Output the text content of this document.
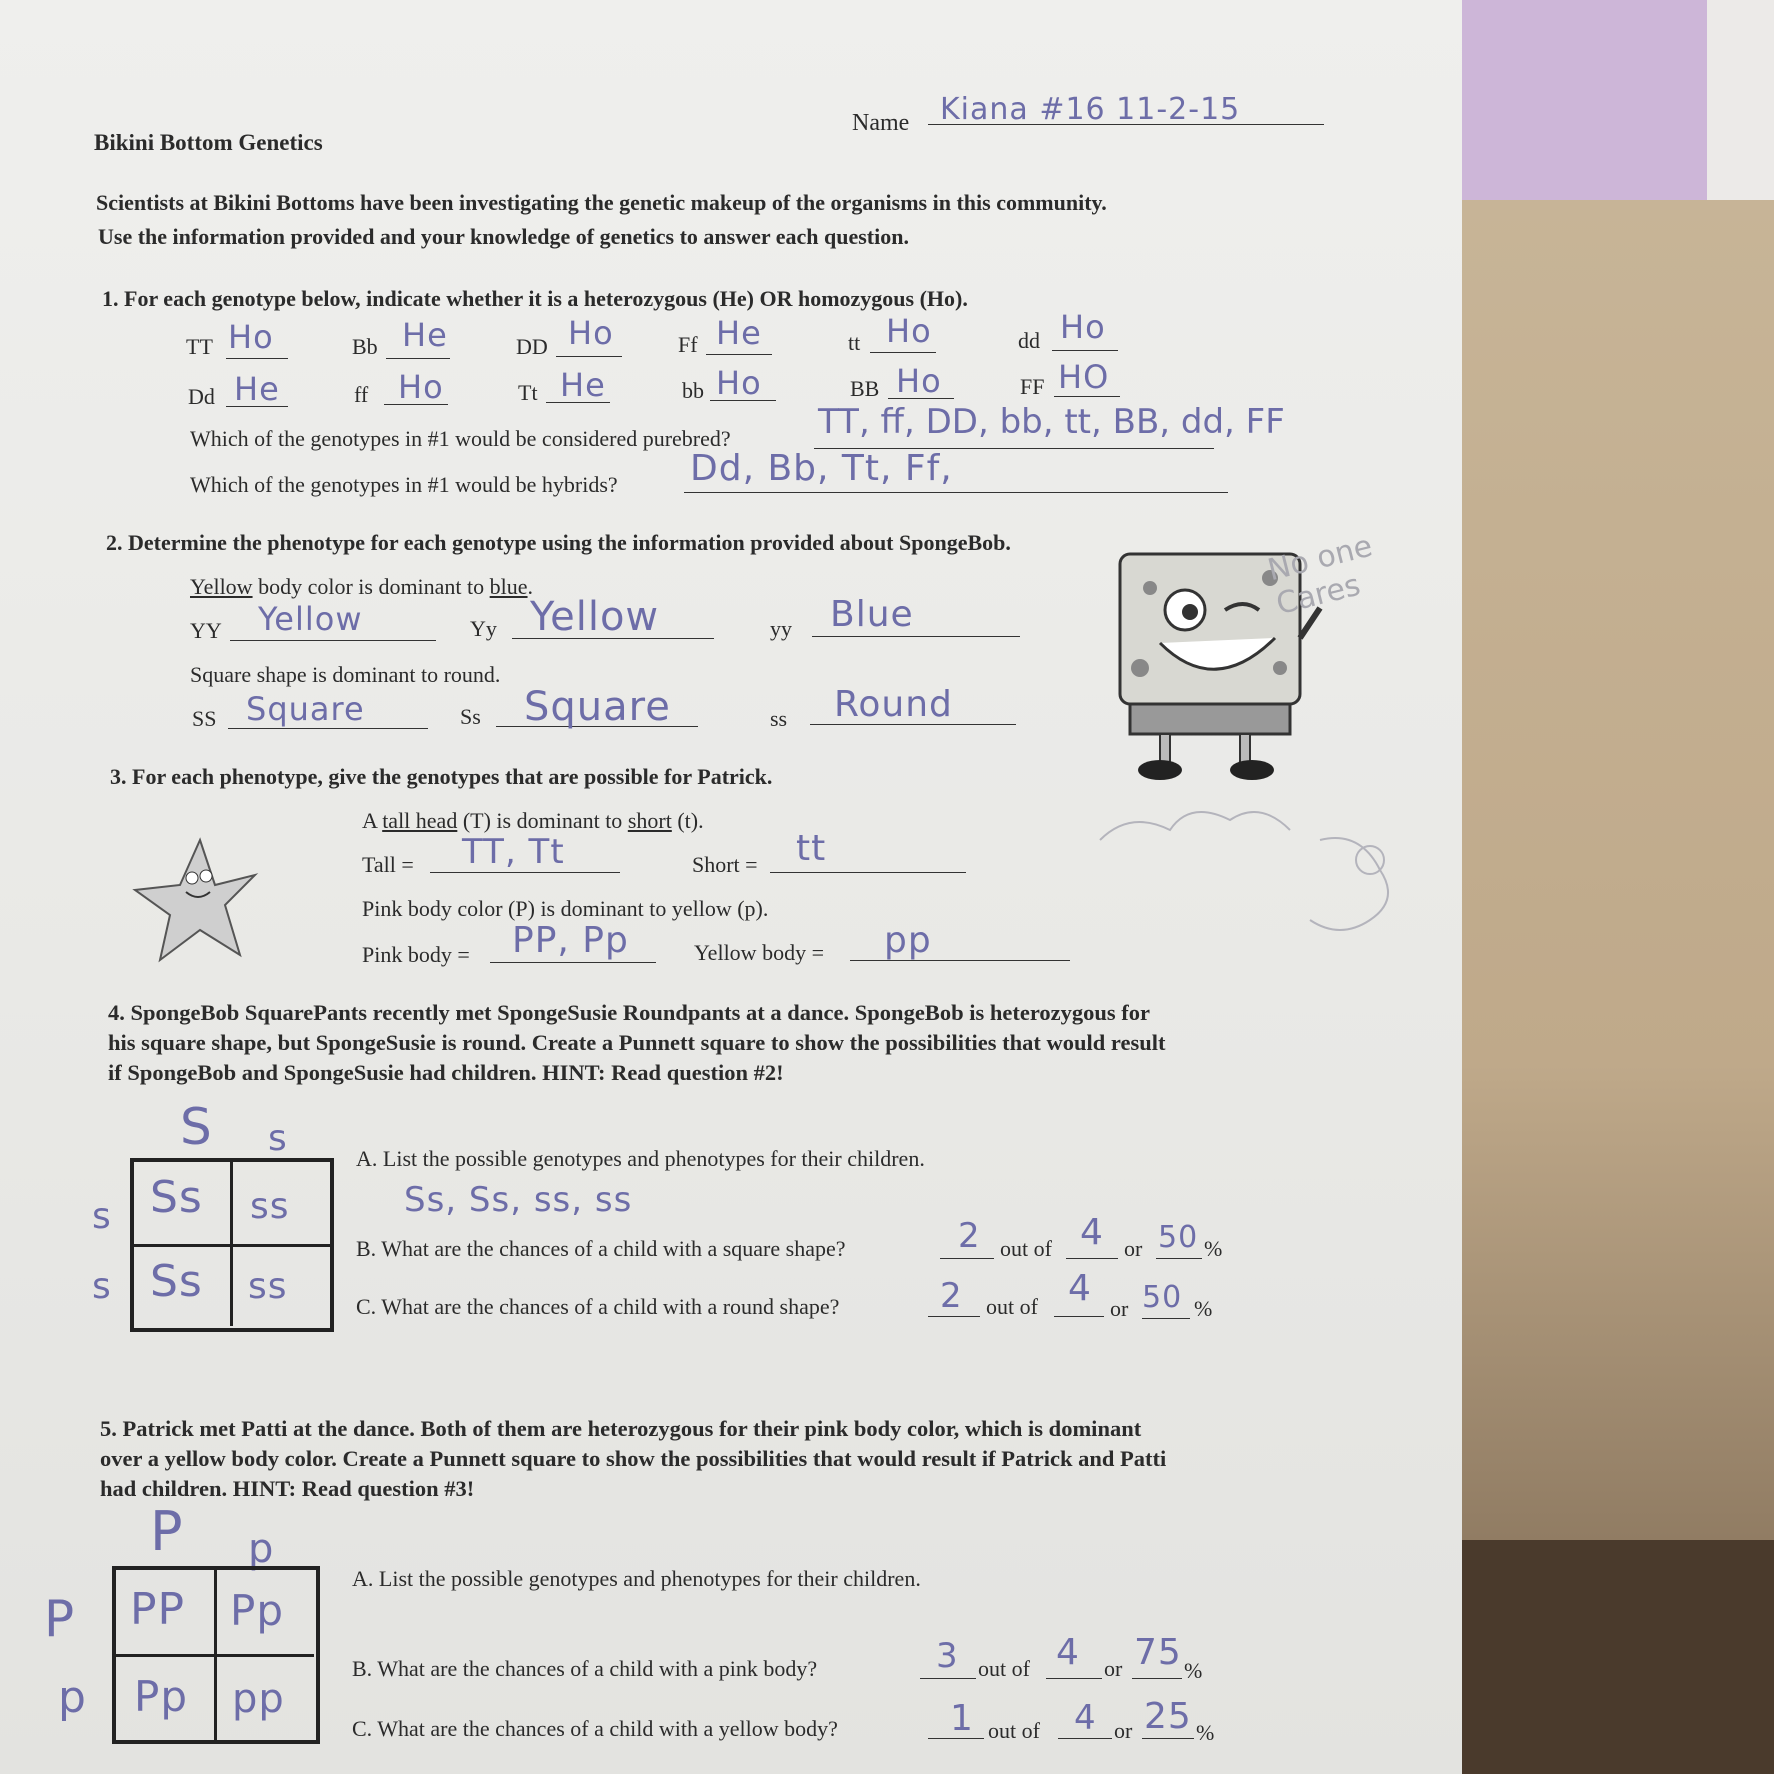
Bikini Bottom Genetics
Name Kiana #16 11-2-15
Scientists at Bikini Bottoms have been investigating the genetic makeup of the organisms in this community.
Use the information provided and your knowledge of genetics to answer each question.
1. For each genotype below, indicate whether it is a heterozygous (He) OR homozygous (Ho).
TT Ho	Bb He	DD Ho	Ff He	tt Ho	dd Ho
Dd He	ff Ho	Tt He	bb Ho	BB Ho	FF HO
Which of the genotypes in #1 would be considered purebred?	TT, ff, DD, bb, tt, BB, dd, FF
Which of the genotypes in #1 would be hybrids? Dd, Bb, Tt, Ff,
2. Determine the phenotype for each genotype using the information provided about SpongeBob.
Yellow body color is dominant to blue.
YY Yellow	Yy Yellow	yy Blue
Square shape is dominant to round.
SS Square	Ss Square	ss Round
No one Cares
3. For each phenotype, give the genotypes that are possible for Patrick.
A tall head (T) is dominant to short (t).
Tall = TT, Tt	Short = tt
Pink body color (P) is dominant to yellow (p).
Pink body = PP, Pp	Yellow body = pp
4. SpongeBob SquarePants recently met SpongeSusie Roundpants at a dance. SpongeBob is heterozygous for
his square shape, but SpongeSusie is round. Create a Punnett square to show the possibilities that would result
if SpongeBob and SpongeSusie had children. HINT: Read question #2!
S s
s
s
Ss ss
Ss ss
A. List the possible genotypes and phenotypes for their children.
Ss, Ss, ss, ss
B. What are the chances of a child with a square shape?	2 out of 4 or 50 %
C. What are the chances of a child with a round shape?	2 out of 4 or 50 %
5. Patrick met Patti at the dance. Both of them are heterozygous for their pink body color, which is dominant
over a yellow body color. Create a Punnett square to show the possibilities that would result if Patrick and Patti
had children. HINT: Read question #3!
P p
P
p
PP Pp
Pp pp
A. List the possible genotypes and phenotypes for their children.
B. What are the chances of a child with a pink body?	3 out of 4 or 75 %
C. What are the chances of a child with a yellow body?	1 out of 4 or 25 %
